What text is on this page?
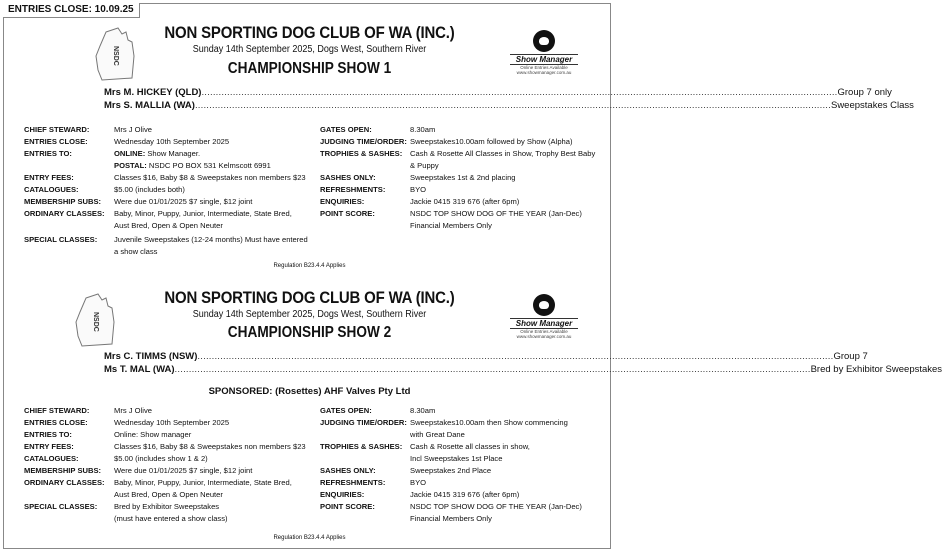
ENTRIES CLOSE: 10.09.25
NSDC	Show Manager
Online Entries Available
www.showmanager.com.au
NON SPORTING DOG CLUB OF WA (INC.)
Sunday 14th September 2025, Dogs West, Southern River
CHAMPIONSHIP SHOW 1
Mrs M. HICKEY (QLD) ................................................................................................................................................................................................................................ Group 7 only
Mrs S. MALLIA (WA) ................................................................................................................................................................................................................................ Sweepstakes Class
Regulation B23.4.4 Applies
CHIEF STEWARD:	Mrs J Olive
ENTRIES CLOSE:	Wednesday 10th September 2025
ENTRIES TO:	ONLINE: Show Manager.
POSTAL: NSDC PO BOX 531 Kelmscott 6991
ENTRY FEES:	Classes $16, Baby $8 & Sweepstakes non members $23
CATALOGUES:	$5.00 (includes both)
MEMBERSHIP SUBS: Were due 01/01/2025 $7 single, $12 joint
ORDINARY CLASSES: Baby, Minor, Puppy, Junior, Intermediate, State Bred,
Aust Bred, Open & Open Neuter
SPECIAL CLASSES: Juvenile Sweepstakes (12-24 months) Must have entered
a show class
GATES OPEN:	8.30am
JUDGING TIME/ORDER: Sweepstakes10.00am followed by Show (Alpha)
TROPHIES & SASHES: Cash & Rosette All Classes in Show, Trophy Best Baby
& Puppy
SASHES ONLY:	Sweepstakes 1st & 2nd placing
REFRESHMENTS:	BYO
ENQUIRIES:	Jackie 0415 319 676 (after 6pm)
POINT SCORE:	NSDC TOP SHOW DOG OF THE YEAR (Jan-Dec)
Financial Members Only
NSDC	Show Manager
Online Entries Available
www.showmanager.com.au
NON SPORTING DOG CLUB OF WA (INC.)
Sunday 14th September 2025, Dogs West, Southern River
CHAMPIONSHIP SHOW 2
Mrs C. TIMMS (NSW) ................................................................................................................................................................................................................................ Group 7
Ms T. MAL (WA) ................................................................................................................................................................................................................................ Bred by Exhibitor Sweepstakes
SPONSORED: (Rosettes) AHF Valves Pty Ltd
Regulation B23.4.4 Applies
CHIEF STEWARD:	Mrs J Olive
ENTRIES CLOSE:	Wednesday 10th September 2025
ENTRIES TO:	Online: Show manager
ENTRY FEES:	Classes $16, Baby $8 & Sweepstakes non members $23
CATALOGUES:	$5.00 (includes show 1 & 2)
MEMBERSHIP SUBS: Were due 01/01/2025 $7 single, $12 joint
ORDINARY CLASSES: Baby, Minor, Puppy, Junior, Intermediate, State Bred,
Aust Bred, Open & Open Neuter
SPECIAL CLASSES: Bred by Exhibitor Sweepstakes
(must have entered a show class)
GATES OPEN:	8.30am
JUDGING TIME/ORDER: Sweepstakes10.00am then Show commencing
with Great Dane
TROPHIES & SASHES: Cash & Rosette all classes in show,
Incl Sweepstakes 1st Place
SASHES ONLY:	Sweepstakes 2nd Place
REFRESHMENTS:	BYO
ENQUIRIES:	Jackie 0415 319 676 (after 6pm)
POINT SCORE:	NSDC TOP SHOW DOG OF THE YEAR (Jan-Dec)
Financial Members Only
